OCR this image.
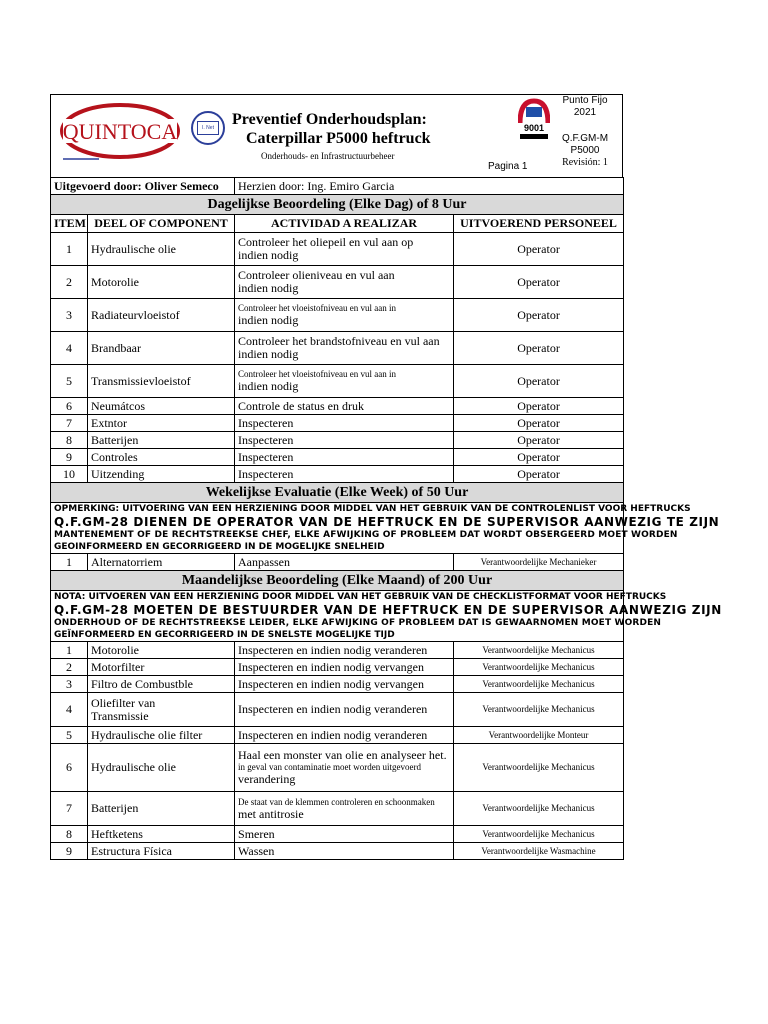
QUINTOCA	I. Net	Preventief Onderhoudsplan:
Caterpillar P5000 heftruck
Onderhouds- en Infrastructuurbeheer
Pagina 1
9001
Punto Fijo
2021
Q.F.GM-M
P5000
Revisión: 1
Uitgevoerd door: Oliver Semeco		Herzien door: Ing. Emiro Garcia	
Dagelijkse Beoordeling (Elke Dag) of 8 Uur			
ITEM	DEEL OF COMPONENT	ACTIVIDAD A REALIZAR	UITVOEREND PERSONEEL
1	Hydraulische olie	Controleer het oliepeil en vul aan op
indien nodig	Operator
2	Motorolie	Controleer olieniveau en vul aan
indien nodig	Operator
3	Radiateurvloeistof	Controleer het vloeistofniveau en vul aan in
indien nodig	Operator
4	Brandbaar	Controleer het brandstofniveau en vul aan
indien nodig	Operator
5	Transmissievloeistof	Controleer het vloeistofniveau en vul aan in
indien nodig	Operator
6	Neumátcos	Controle de status en druk	Operator
7	Extntor	Inspecteren	Operator
8	Batterijen	Inspecteren	Operator
9	Controles	Inspecteren	Operator
10	Uitzending	Inspecteren	Operator
Wekelijkse Evaluatie (Elke Week) of 50 Uur			

OPMERKING: UITVOERING VAN EEN HERZIENING DOOR MIDDEL VAN HET GEBRUIK VAN DE CONTROLENLIST VOOR HEFTRUCKS
Q.F.GM-28 DIENEN DE OPERATOR VAN DE HEFTRUCK EN DE SUPERVISOR AANWEZIG TE ZIJN
MANTENEMENT OF DE RECHTSTREEKSE CHEF, ELKE AFWIJKING OF PROBLEEM DAT WORDT OBSERGEERD MOET WORDEN
GEOINFORMEERD EN GECORRIGEERD IN DE MOGELIJKE SNELHEID			

1	Alternatorriem	Aanpassen	Verantwoordelijke Mechanieker
Maandelijkse Beoordeling (Elke Maand) of 200 Uur			

NOTA: UITVOEREN VAN EEN HERZIENING DOOR MIDDEL VAN HET GEBRUIK VAN DE CHECKLISTFORMAT VOOR HEFTRUCKS
Q.F.GM-28 MOETEN DE BESTUURDER VAN DE HEFTRUCK EN DE SUPERVISOR AANWEZIG ZIJN
ONDERHOUD OF DE RECHTSTREEKSE LEIDER, ELKE AFWIJKING OF PROBLEEM DAT IS GEWAARNOMEN MOET WORDEN
GEÏNFORMEERD EN GECORRIGEERD IN DE SNELSTE MOGELIJKE TIJD			

1	Motorolie	Inspecteren en indien nodig veranderen	Verantwoordelijke Mechanicus
2	Motorfilter	Inspecteren en indien nodig vervangen	Verantwoordelijke Mechanicus
3	Filtro de Combustble	Inspecteren en indien nodig vervangen	Verantwoordelijke Mechanicus
4	Oliefilter van
Transmissie	Inspecteren en indien nodig veranderen	Verantwoordelijke Mechanicus
5	Hydraulische olie filter	Inspecteren en indien nodig veranderen	Verantwoordelijke Monteur
6	Hydraulische olie	Haal een monster van olie en analyseer het.
in geval van contaminatie moet worden uitgevoerd
verandering	Verantwoordelijke Mechanicus
7	Batterijen	De staat van de klemmen controleren en schoonmaken
met antitrosie	Verantwoordelijke Mechanicus
8	Heftketens	Smeren	Verantwoordelijke Mechanicus
9	Estructura Física	Wassen	Verantwoordelijke Wasmachine
